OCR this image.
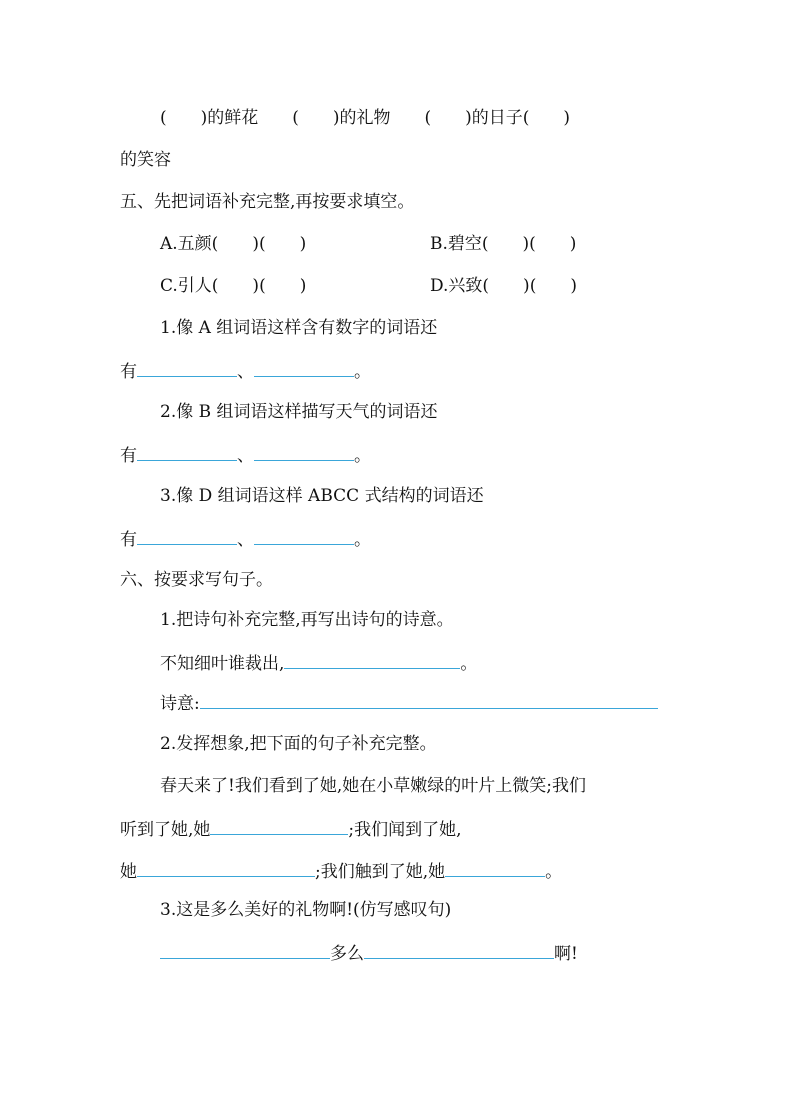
(　　)的鲜花　　(　　)的礼物　　(　　)的日子(　　)
的笑容
五、先把词语补充完整,再按要求填空。
A.五颜(　　)(　　)	B.碧空(　　)(　　)
C.引人(　　)(　　)	D.兴致(　　)(　　)
1.像 A 组词语这样含有数字的词语还
有	、	。
2.像 B 组词语这样描写天气的词语还
有	、	。
3.像 D 组词语这样 ABCC 式结构的词语还
有	、	。
六、按要求写句子。
1.把诗句补充完整,再写出诗句的诗意。
不知细叶谁裁出,	。
诗意:
2.发挥想象,把下面的句子补充完整。
春天来了!我们看到了她,她在小草嫩绿的叶片上微笑;我们
听到了她,她	;我们闻到了她,
她	;我们触到了她,她	。
3.这是多么美好的礼物啊!(仿写感叹句)
多么	啊!
